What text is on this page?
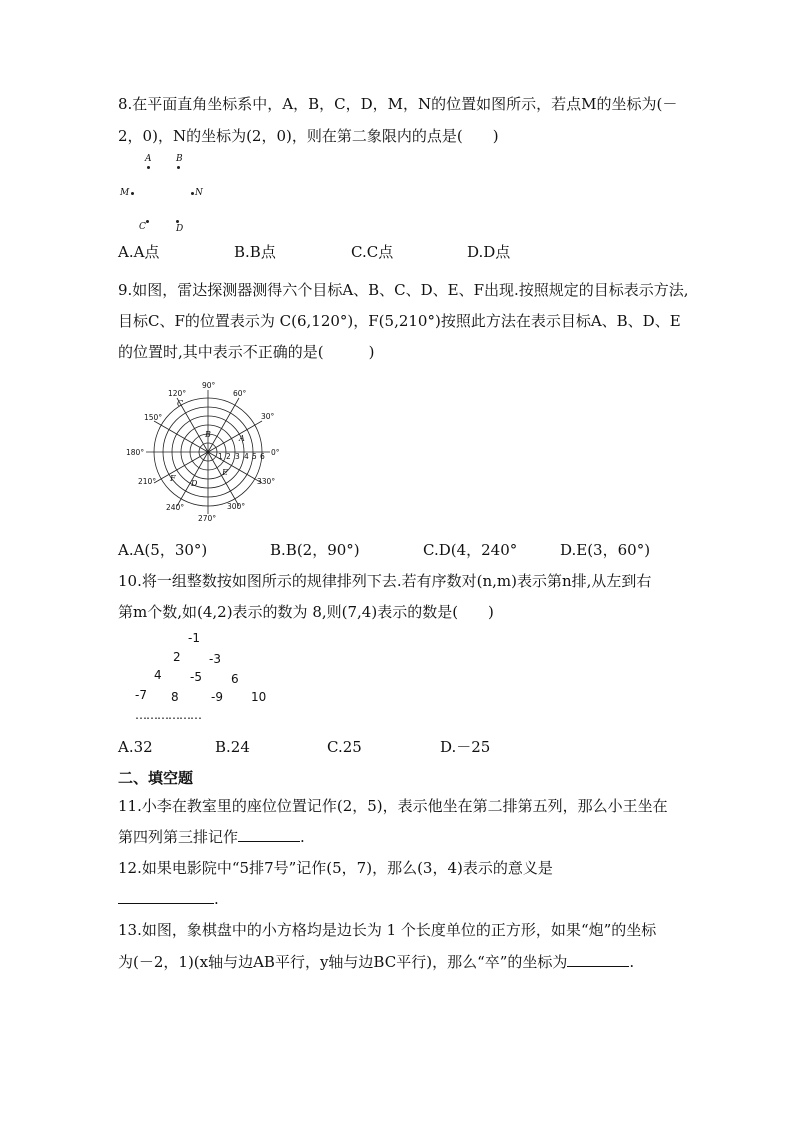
8.在平面直角坐标系中，A，B，C，D，M，N的位置如图所示，若点M的坐标为(－
2，0)，N的坐标为(2，0)，则在第二象限内的点是(　　)
A	B
M	N
C	D
A.A点	B.B点	C.C点	D.D点
9.如图，雷达探测器测得六个目标A、B、C、D、E、F出现.按照规定的目标表示方法,
目标C、F的位置表示为 C(6,120°)，F(5,210°)按照此方法在表示目标A、B、D、E
的位置时,其中表示不正确的是(　　　)
90°
60°
30°
0°
330°
300°
270°
240°
210°
180°
150°
120°
1 2 3 4 5 6
A
B
C
D
E
F
A.A(5，30°)	B.B(2，90°)	C.D(4，240°	D.E(3，60°)
10.将一组整数按如图所示的规律排列下去.若有序数对(n,m)表示第n排,从左到右
第m个数,如(4,2)表示的数为 8,则(7,4)表示的数是(　　)
-1
2 -3
4 -5 6
-7 8	-9 10
………………
A.32	B.24	C.25	D.－25
二、填空题
11.小李在教室里的座位位置记作(2，5)，表示他坐在第二排第五列，那么小王坐在
第四列第三排记作	.
12.如果电影院中“5排7号”记作(5，7)，那么(3，4)表示的意义是
.
13.如图，象棋盘中的小方格均是边长为 1 个长度单位的正方形，如果“炮”的坐标
为(－2，1)(x轴与边AB平行，y轴与边BC平行)，那么“卒”的坐标为	.
